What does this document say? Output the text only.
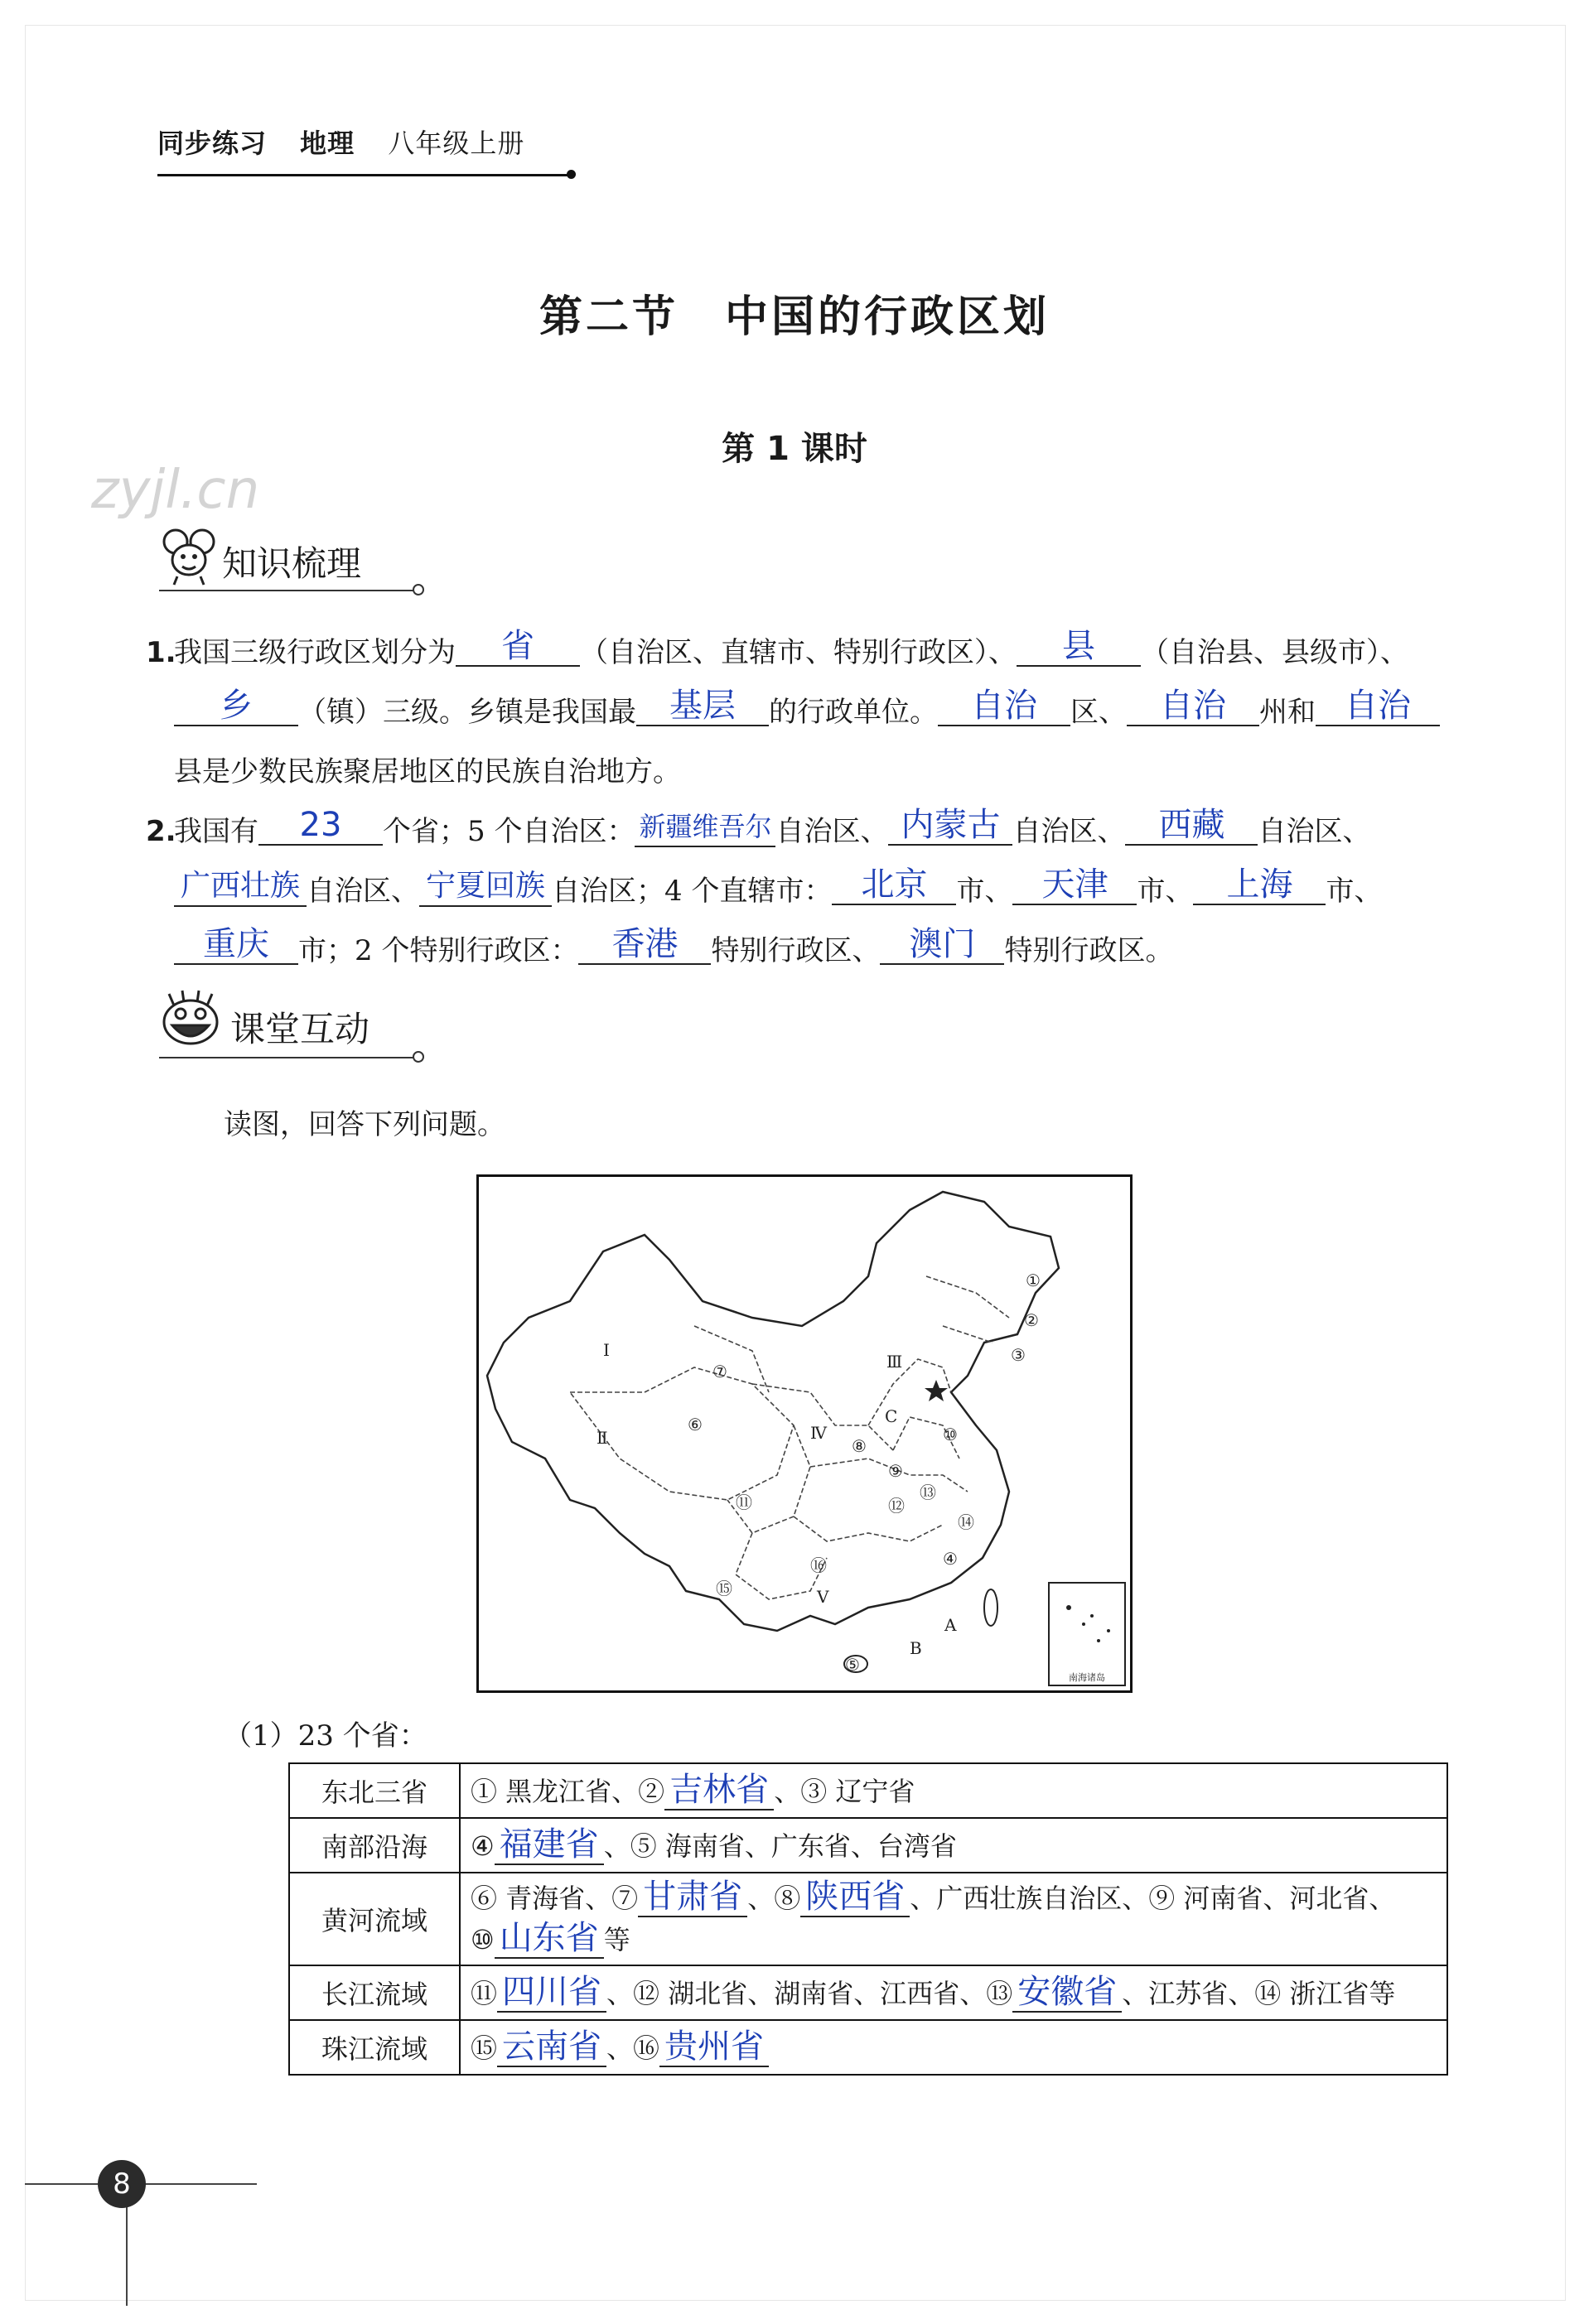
同步练习 地理 八年级上册
第二节　中国的行政区划
第 1 课时
zyjl.cn
知识梳理
1.
我国三级行政区划分为 省 （自治区、直辖市、特别行政区）、 县 （自治县、县级市）、乡 （镇）三级。乡镇是我国最 基层 的行政单位。 自治 区、 自治 州和 自治县是少数民族聚居地区的民族自治地方。
2.
我国有 23 个省；5 个自治区： 新疆维吾尔 自治区、 内蒙古 自治区、 西藏 自治区、广西壮族 自治区、 宁夏回族 自治区；4 个直辖市： 北京 市、 天津 市、 上海 市、重庆 市；2 个特别行政区： 香港 特别行政区、 澳门 特别行政区。
课堂互动
读图，回答下列问题。
南海诸岛
①
②
③
④
⑤
⑥
⑦
⑧
⑨
⑩
⑪	⑫
⑬
⑭
⑮
⑯
Ⅰ
Ⅱ
Ⅲ
Ⅳ
Ⅴ
A
B
C
（1）23 个省：
东北三省	① 黑龙江省、② 吉林省 、③ 辽宁省
南部沿海	④ 福建省 、⑤ 海南省、广东省、台湾省
黄河流域	⑥ 青海省、⑦ 甘肃省 、⑧ 陕西省 、广西壮族自治区、⑨ 河南省、河北省、
⑩ 山东省 等
长江流域	⑪ 四川省 、⑫ 湖北省、湖南省、江西省、⑬ 安徽省 、江苏省、⑭ 浙江省等
珠江流域	⑮ 云南省 、⑯ 贵州省
8
